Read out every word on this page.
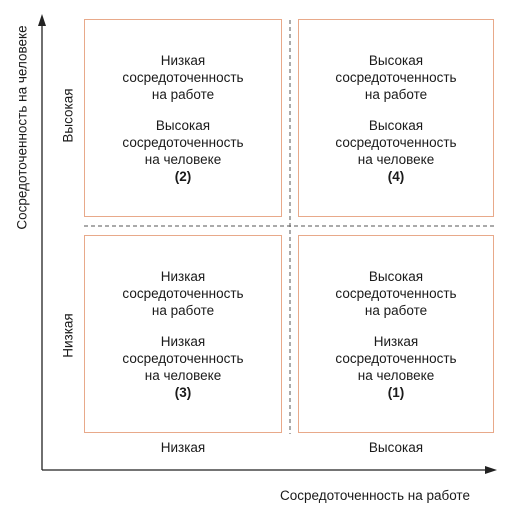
Низкая
сосредоточенность
на работе
Высокая
сосредоточенность
на человеке
(2)
Высокая
сосредоточенность
на работе
Высокая
сосредоточенность
на человеке
(4)
Низкая
сосредоточенность
на работе
Низкая
сосредоточенность
на человеке
(3)
Высокая
сосредоточенность
на работе
Низкая
сосредоточенность
на человеке
(1)
Низкая	Высокая
Сосредоточенность на работе
Высокая
Низкая
Сосредоточенность на человеке
